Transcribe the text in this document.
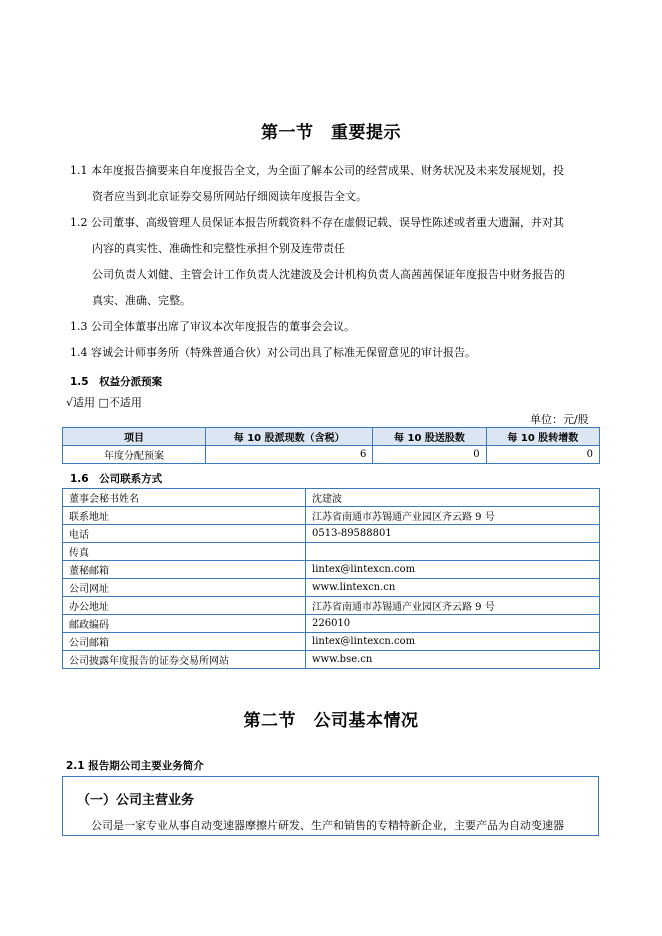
第一节　重要提示
1.1 本年度报告摘要来自年度报告全文，为全面了解本公司的经营成果、财务状况及未来发展规划，投
资者应当到北京证券交易所网站仔细阅读年度报告全文。
1.2 公司董事、高级管理人员保证本报告所载资料不存在虚假记载、误导性陈述或者重大遗漏，并对其
内容的真实性、准确性和完整性承担个别及连带责任
公司负责人刘健、主管会计工作负责人沈建波及会计机构负责人高茜茜保证年度报告中财务报告的
真实、准确、完整。
1.3 公司全体董事出席了审议本次年度报告的董事会会议。
1.4 容诚会计师事务所（特殊普通合伙）对公司出具了标准无保留意见的审计报告。
1.5　权益分派预案
√适用 □不适用
单位：元/股
项目	每 10 股派现数（含税）	每 10 股送股数	每 10 股转增数
年度分配预案	6	0	0
1.6　公司联系方式
董事会秘书姓名	沈建波
联系地址	江苏省南通市苏锡通产业园区齐云路 9 号
电话	0513-89588801
传真	
董秘邮箱	lintex@lintexcn.com
公司网址	www.lintexcn.cn
办公地址	江苏省南通市苏锡通产业园区齐云路 9 号
邮政编码	226010
公司邮箱	lintex@lintexcn.com
公司披露年度报告的证券交易所网站	www.bse.cn
第二节　公司基本情况
2.1 报告期公司主要业务简介
（一）公司主营业务
公司是一家专业从事自动变速器摩擦片研发、生产和销售的专精特新企业，主要产品为自动变速器
